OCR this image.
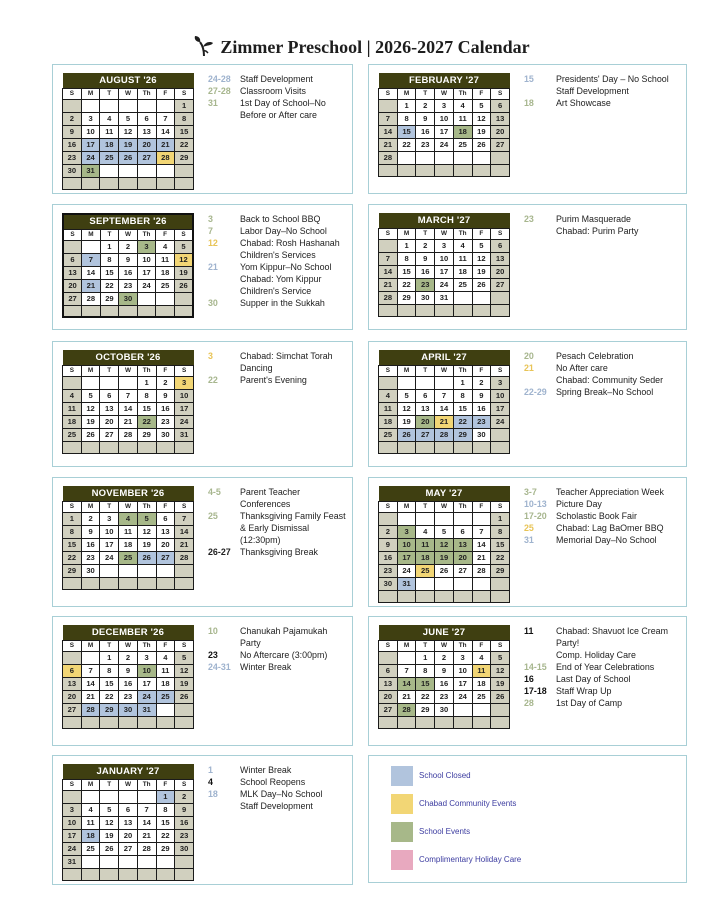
Zimmer Preschool | 2026-2027 Calendar
AUGUST '26						
S	M	T	W	Th	F	S
						1
2	3	4	5	6	7	8
9	10	11	12	13	14	15
16	17	18	19	20	21	22
23	24	25	26	27	28	29
30	31					

24-28	Staff Development
27-28	Classroom Visits
31	1st Day of School–No Before or After care
FEBRUARY '27						
S	M	T	W	Th	F	S
	1	2	3	4	5	6
7	8	9	10	11	12	13
14	15	16	17	18	19	20
21	22	23	24	25	26	27
28						

15	Presidents' Day – No School
Staff Development
18	Art Showcase
SEPTEMBER '26						
S	M	T	W	Th	F	S
		1	2	3	4	5
6	7	8	9	10	11	12
13	14	15	16	17	18	19
20	21	22	23	24	25	26
27	28	29	30			

3	Back to School BBQ
7	Labor Day–No School
12	Chabad: Rosh Hashanah Children's Services
21	Yom Kippur–No School
Chabad: Yom Kippur Children's Service
30	Supper in the Sukkah
MARCH '27						
S	M	T	W	Th	F	S
	1	2	3	4	5	6
7	8	9	10	11	12	13
14	15	16	17	18	19	20
21	22	23	24	25	26	27
28	29	30	31			

23	Purim Masquerade
Chabad: Purim Party
OCTOBER '26						
S	M	T	W	Th	F	S
				1	2	3
4	5	6	7	8	9	10
11	12	13	14	15	16	17
18	19	20	21	22	23	24
25	26	27	28	29	30	31

3	Chabad: Simchat Torah Dancing
22	Parent's Evening
APRIL '27						
S	M	T	W	Th	F	S
				1	2	3
4	5	6	7	8	9	10
11	12	13	14	15	16	17
18	19	20	21	22	23	24
25	26	27	28	29	30	

20	Pesach Celebration
21	No After care
Chabad: Community Seder
22-29	Spring Break–No School
NOVEMBER '26						
S	M	T	W	Th	F	S
1	2	3	4	5	6	7
8	9	10	11	12	13	14
15	16	17	18	19	20	21
22	23	24	25	26	27	28
29	30					

4-5	Parent Teacher Conferences
25	Thanksgiving Family Feast & Early Dismissal
(12:30pm)
26-27	Thanksgiving Break
MAY '27						
S	M	T	W	Th	F	S
						1
2	3	4	5	6	7	8
9	10	11	12	13	14	15
16	17	18	19	20	21	22
23	24	25	26	27	28	29
30	31					

3-7	Teacher Appreciation Week
10-13	Picture Day
17-20	Scholastic Book Fair
25	Chabad: Lag BaOmer BBQ
31	Memorial Day–No School
DECEMBER '26						
S	M	T	W	Th	F	S
		1	2	3	4	5
6	7	8	9	10	11	12
13	14	15	16	17	18	19
20	21	22	23	24	25	26
27	28	29	30	31		

10	Chanukah Pajamukah Party
23	No Aftercare (3:00pm)
24-31	Winter Break
JUNE '27						
S	M	T	W	Th	F	S
		1	2	3	4	5
6	7	8	9	10	11	12
13	14	15	16	17	18	19
20	21	22	23	24	25	26
27	28	29	30			

11	Chabad: Shavuot Ice Cream Party!
Comp. Holiday Care
14-15	End of Year Celebrations
16	Last Day of School
17-18	Staff Wrap Up
28	1st Day of Camp
JANUARY '27						
S	M	T	W	Th	F	S
					1	2
3	4	5	6	7	8	9
10	11	12	13	14	15	16
17	18	19	20	21	22	23
24	25	26	27	28	29	30
31						

1	Winter Break
4	School Reopens
18	MLK Day–No School
Staff Development
School Closed
Chabad Community Events
School Events
Complimentary Holiday Care
